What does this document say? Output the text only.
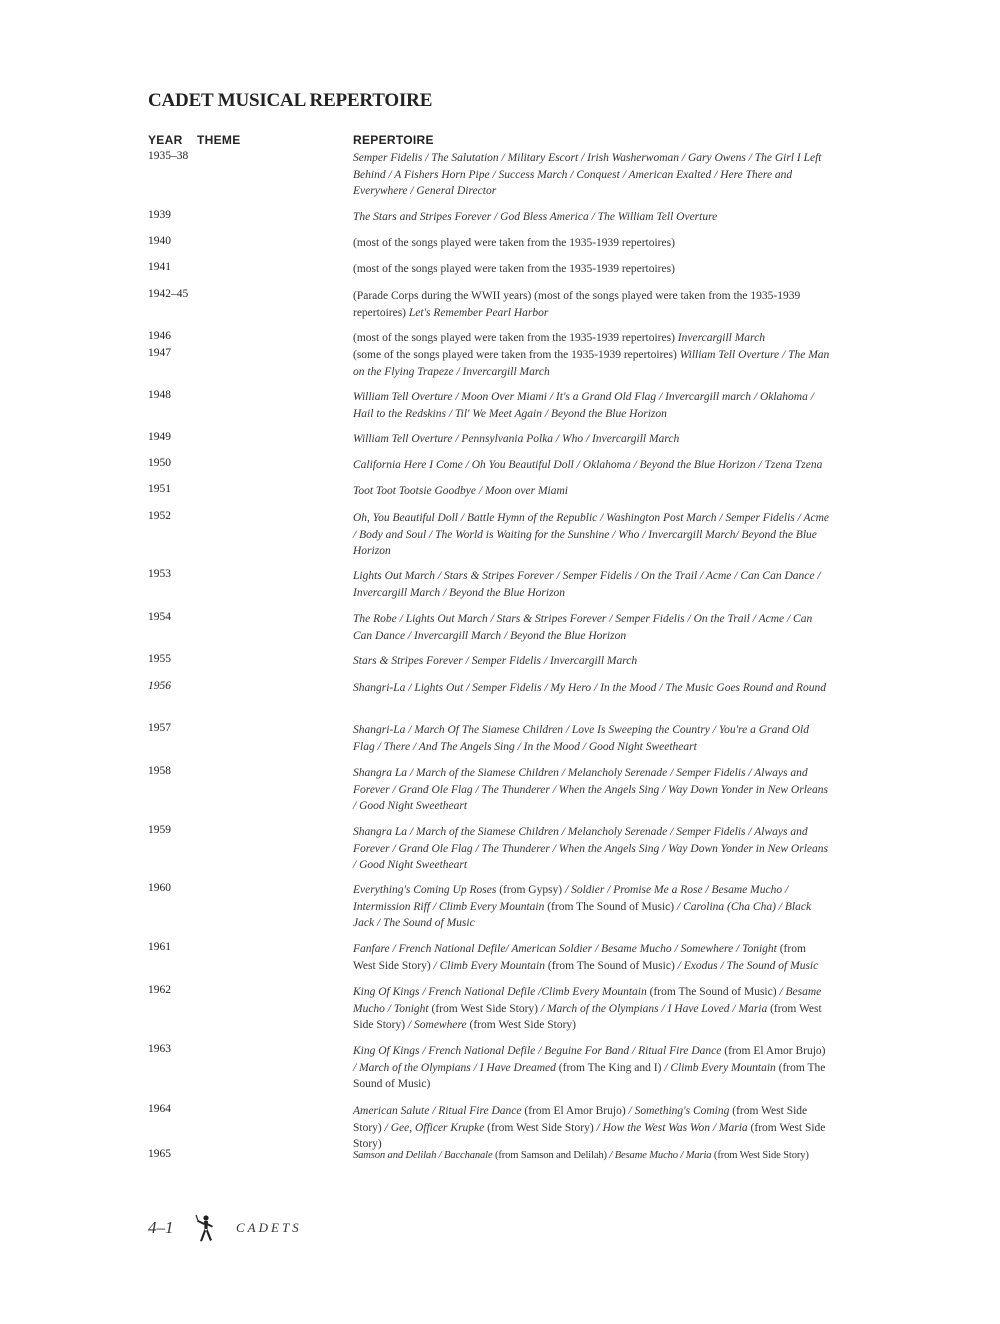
CADET MUSICAL REPERTOIRE
YEAR THEME	REPERTOIRE
1935–38	Semper Fidelis / The Salutation / Military Escort / Irish Washerwoman / Gary Owens / The Girl I Left Behind / A Fishers Horn Pipe / Success March / Conquest / American Exalted / Here There and Everywhere / General Director

1939	The Stars and Stripes Forever / God Bless America / The William Tell Overture

1940	(most of the songs played were taken from the 1935-1939 repertoires)

1941	(most of the songs played were taken from the 1935-1939 repertoires)

1942–45	(Parade Corps during the WWII years) (most of the songs played were taken from the 1935-1939 repertoires) Let's Remember Pearl Harbor

1946	(most of the songs played were taken from the 1935-1939 repertoires) Invercargill March

1947	(some of the songs played were taken from the 1935-1939 repertoires) William Tell Overture / The Man on the Flying Trapeze / Invercargill March

1948	William Tell Overture / Moon Over Miami / It's a Grand Old Flag / Invercargill march / Oklahoma / Hail to the Redskins / Til' We Meet Again / Beyond the Blue Horizon

1949	William Tell Overture / Pennsylvania Polka / Who / Invercargill March

1950	California Here I Come / Oh You Beautiful Doll / Oklahoma / Beyond the Blue Horizon / Tzena Tzena

1951	Toot Toot Tootsie Goodbye / Moon over Miami

1952	Oh, You Beautiful Doll / Battle Hymn of the Republic / Washington Post March / Semper Fidelis / Acme / Body and Soul / The World is Waiting for the Sunshine / Who / Invercargill March/ Beyond the Blue Horizon

1953	Lights Out March / Stars & Stripes Forever / Semper Fidelis / On the Trail / Acme / Can Can Dance / Invercargill March / Beyond the Blue Horizon

1954	The Robe / Lights Out March / Stars & Stripes Forever / Semper Fidelis / On the Trail / Acme / Can Can Dance / Invercargill March / Beyond the Blue Horizon

1955	Stars & Stripes Forever / Semper Fidelis / Invercargill March

1956	Shangri-La / Lights Out / Semper Fidelis / My Hero / In the Mood / The Music Goes Round and Round

1957	Shangri-La / March Of The Siamese Children / Love Is Sweeping the Country / You're a Grand Old Flag / There / And The Angels Sing / In the Mood / Good Night Sweetheart

1958	Shangra La / March of the Siamese Children / Melancholy Serenade / Semper Fidelis / Always and Forever / Grand Ole Flag / The Thunderer / When the Angels Sing / Way Down Yonder in New Orleans / Good Night Sweetheart

1959	Shangra La / March of the Siamese Children / Melancholy Serenade / Semper Fidelis / Always and Forever / Grand Ole Flag / The Thunderer / When the Angels Sing / Way Down Yonder in New Orleans / Good Night Sweetheart

1960	Everything's Coming Up Roses (from Gypsy) / Soldier / Promise Me a Rose / Besame Mucho / Intermission Riff / Climb Every Mountain (from The Sound of Music) / Carolina (Cha Cha) / Black Jack / The Sound of Music

1961	Fanfare / French National Defile/ American Soldier / Besame Mucho / Somewhere / Tonight (from West Side Story) / Climb Every Mountain (from The Sound of Music) / Exodus / The Sound of Music

1962	King Of Kings / French National Defile /Climb Every Mountain (from The Sound of Music) / Besame Mucho / Tonight (from West Side Story) / March of the Olympians / I Have Loved / Maria (from West Side Story) / Somewhere (from West Side Story)

1963	King Of Kings / French National Defile / Beguine For Band / Ritual Fire Dance (from El Amor Brujo) / March of the Olympians / I Have Dreamed (from The King and I) / Climb Every Mountain (from The Sound of Music)

1964	American Salute / Ritual Fire Dance (from El Amor Brujo) / Something's Coming (from West Side Story) / Gee, Officer Krupke (from West Side Story) / How the West Was Won / Maria (from West Side Story)

1965	Samson and Delilah / Bacchanale (from Samson and Delilah) / Besame Mucho / Maria (from West Side Story)

4–1	CADETS
